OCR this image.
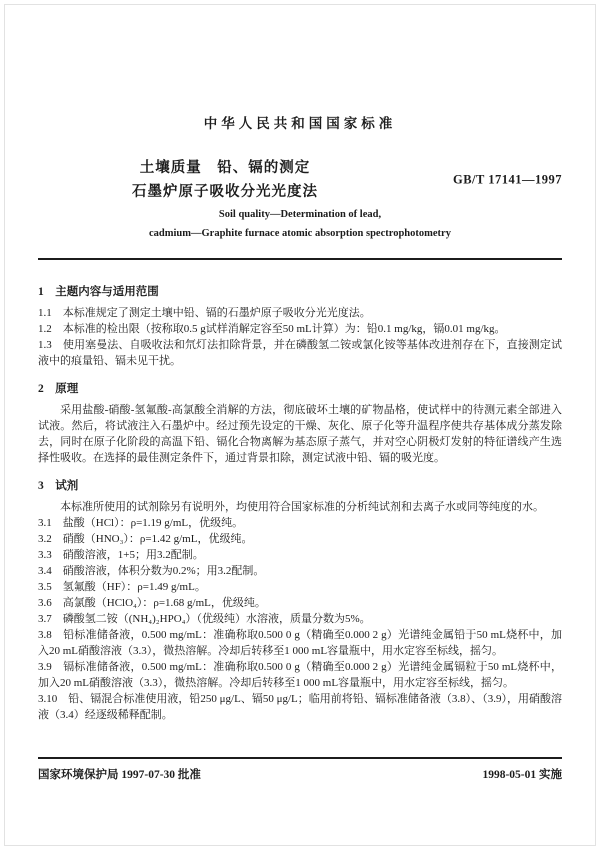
中华人民共和国国家标准
土壤质量　铅、镉的测定
石墨炉原子吸收分光光度法
GB/T 17141—1997
Soil quality—Determination of lead,
cadmium—Graphite furnace atomic absorption spectrophotometry
1　主题内容与适用范围
1.1　本标准规定了测定土壤中铅、镉的石墨炉原子吸收分光光度法。
1.2　本标准的检出限（按称取0.5 g试样消解定容至50 mL计算）为：铅0.1 mg/kg，镉0.01 mg/kg。
1.3　使用塞曼法、自吸收法和氘灯法扣除背景，并在磷酸氢二铵或氯化铵等基体改进剂存在下，直接测定试液中的痕量铅、镉未见干扰。
2　原理
采用盐酸-硝酸-氢氟酸-高氯酸全消解的方法，彻底破坏土壤的矿物晶格，使试样中的待测元素全部进入试液。然后，将试液注入石墨炉中。经过预先设定的干燥、灰化、原子化等升温程序使共存基体成分蒸发除去，同时在原子化阶段的高温下铅、镉化合物离解为基态原子蒸气，并对空心阴极灯发射的特征谱线产生选择性吸收。在选择的最佳测定条件下，通过背景扣除，测定试液中铅、镉的吸光度。
3　试剂
本标准所使用的试剂除另有说明外，均使用符合国家标准的分析纯试剂和去离子水或同等纯度的水。
3.1　盐酸（HCl）：ρ=1.19 g/mL，优级纯。
3.2　硝酸（HNO₃）：ρ=1.42 g/mL，优级纯。
3.3　硝酸溶液，1+5；用3.2配制。
3.4　硝酸溶液，体积分数为0.2%；用3.2配制。
3.5　氢氟酸（HF）：ρ=1.49 g/mL。
3.6　高氯酸（HClO₄）：ρ=1.68 g/mL，优级纯。
3.7　磷酸氢二铵（(NH₄)₂HPO₄）（优级纯）水溶液，质量分数为5%。
3.8　铅标准储备液，0.500 mg/mL：准确称取0.500 0 g（精确至0.000 2 g）光谱纯金属铅于50 mL烧杯中，加入20 mL硝酸溶液（3.3），微热溶解。冷却后转移至1 000 mL容量瓶中，用水定容至标线，摇匀。
3.9　镉标准储备液，0.500 mg/mL：准确称取0.500 0 g（精确至0.000 2 g）光谱纯金属镉粒于50 mL烧杯中，加入20 mL硝酸溶液（3.3），微热溶解。冷却后转移至1 000 mL容量瓶中，用水定容至标线，摇匀。
3.10　铅、镉混合标准使用液，铅250 μg/L、镉50 μg/L；临用前将铅、镉标准储备液（3.8）、（3.9），用硝酸溶液（3.4）经逐级稀释配制。
国家环境保护局 1997-07-30 批准	1998-05-01 实施
